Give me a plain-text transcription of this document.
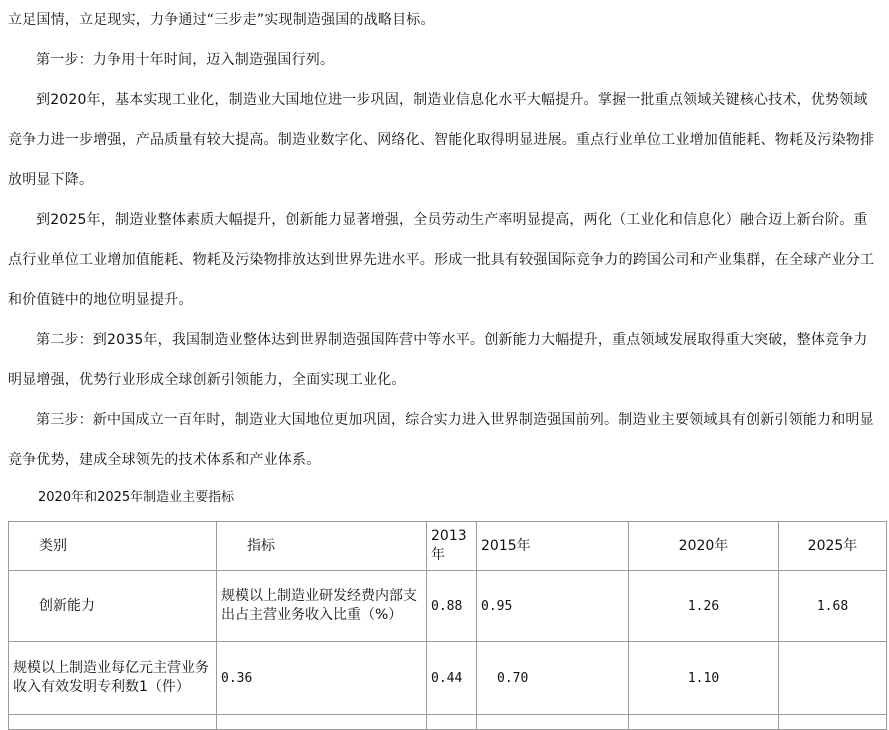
立足国情，立足现实，力争通过“三步走”实现制造强国的战略目标。

第一步：力争用十年时间，迈入制造强国行列。

到2020年，基本实现工业化，制造业大国地位进一步巩固，制造业信息化水平大幅提升。掌握一批重点领域关键核心技术，优势领域竞争力进一步增强，产品质量有较大提高。制造业数字化、网络化、智能化取得明显进展。重点行业单位工业增加值能耗、物耗及污染物排放明显下降。

到2025年，制造业整体素质大幅提升，创新能力显著增强，全员劳动生产率明显提高，两化（工业化和信息化）融合迈上新台阶。重点行业单位工业增加值能耗、物耗及污染物排放达到世界先进水平。形成一批具有较强国际竞争力的跨国公司和产业集群，在全球产业分工和价值链中的地位明显提升。

第二步：到2035年，我国制造业整体达到世界制造强国阵营中等水平。创新能力大幅提升，重点领域发展取得重大突破，整体竞争力明显增强，优势行业形成全球创新引领能力，全面实现工业化。

第三步：新中国成立一百年时，制造业大国地位更加巩固，综合实力进入世界制造强国前列。制造业主要领域具有创新引领能力和明显竞争优势，建成全球领先的技术体系和产业体系。

2020年和2025年制造业主要指标
类别	指标	2013年	2015年	2020年	2025年
创新能力	规模以上制造业研发经费内部支出占主营业务收入比重（%）	0.88	0.95	1.26	1.68
规模以上制造业每亿元主营业务收入有效发明专利数1（件）	0.36	0.44	0.70	1.10	
